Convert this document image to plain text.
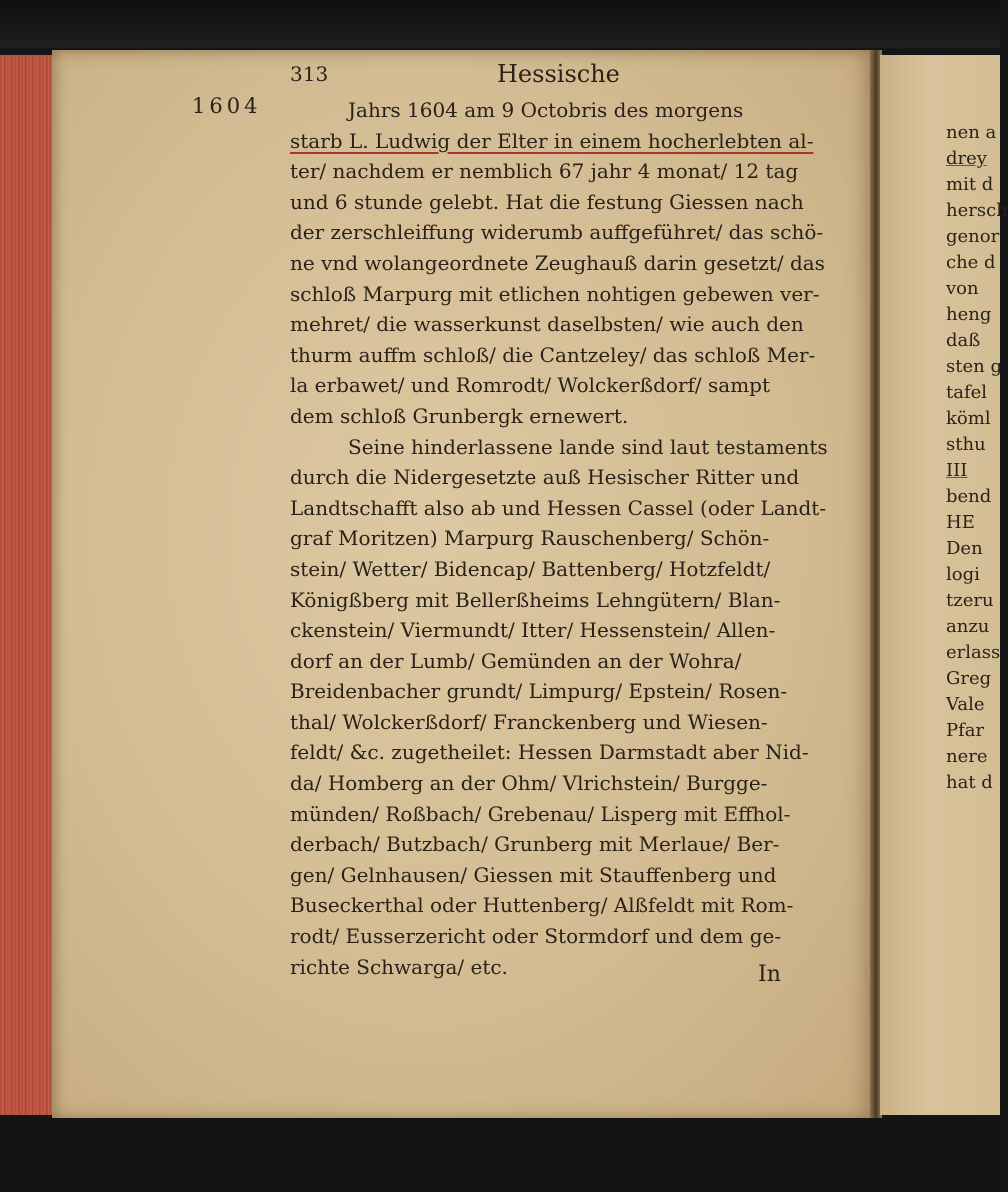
1604
313	Hessische
Jahrs 1604 am 9 Octobris des morgens
starb L. Ludwig der Elter in einem hocherlebten al-
ter/ nachdem er nemblich 67 jahr 4 monat/ 12 tag
und 6 stunde gelebt. Hat die festung Giessen nach
der zerschleiffung widerumb auffgeführet/ das schö-
ne vnd wolangeordnete Zeughauß darin gesetzt/ das
schloß Marpurg mit etlichen nohtigen gebewen ver-
mehret/ die wasserkunst daselbsten/ wie auch den
thurm auffm schloß/ die Cantzeley/ das schloß Mer-
la erbawet/ und Romrodt/ Wolckerßdorf/ sampt
dem schloß Grunbergk ernewert.
Seine hinderlassene lande sind laut testaments
durch die Nidergesetzte auß Hesischer Ritter und
Landtschafft also ab und Hessen Cassel (oder Landt-
graf Moritzen) Marpurg Rauschenberg/ Schön-
stein/ Wetter/ Bidencap/ Battenberg/ Hotzfeldt/
Königßberg mit Bellerßheims Lehngütern/ Blan-
ckenstein/ Viermundt/ Itter/ Hessenstein/ Allen-
dorf an der Lumb/ Gemünden an der Wohra/
Breidenbacher grundt/ Limpurg/ Epstein/ Rosen-
thal/ Wolckerßdorf/ Franckenberg und Wiesen-
feldt/ &c. zugetheilet: Hessen Darmstadt aber Nid-
da/ Homberg an der Ohm/ Vlrichstein/ Burgge-
münden/ Roßbach/ Grebenau/ Lisperg mit Effhol-
derbach/ Butzbach/ Grunberg mit Merlaue/ Ber-
gen/ Gelnhausen/ Giessen mit Stauffenberg und
Buseckerthal oder Huttenberg/ Alßfeldt mit Rom-
rodt/ Eusserzericht oder Stormdorf und dem ge-
richte Schwarga/ etc.	In
nen a
drey
mit d
hersch
genor
che d
von
heng
daß
sten g
tafel
köml
sthu
III
bend
HE
Den
logi
tzeru
anzu
erlass
Greg
Vale
Pfar
nere
hat d
